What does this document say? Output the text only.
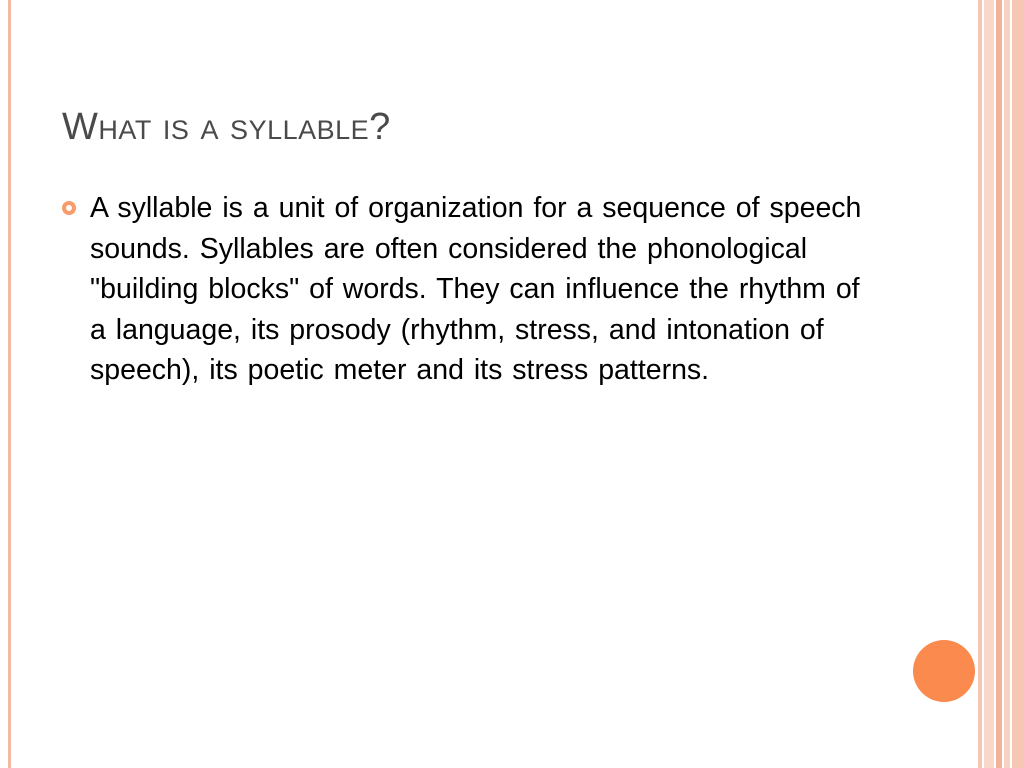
What is a syllable?
A syllable is a unit of organization for a sequence of speech sounds. Syllables are often considered the phonological "building blocks" of words. They can influence the rhythm of a language, its prosody (rhythm, stress, and intonation of speech), its poetic meter and its stress patterns.
